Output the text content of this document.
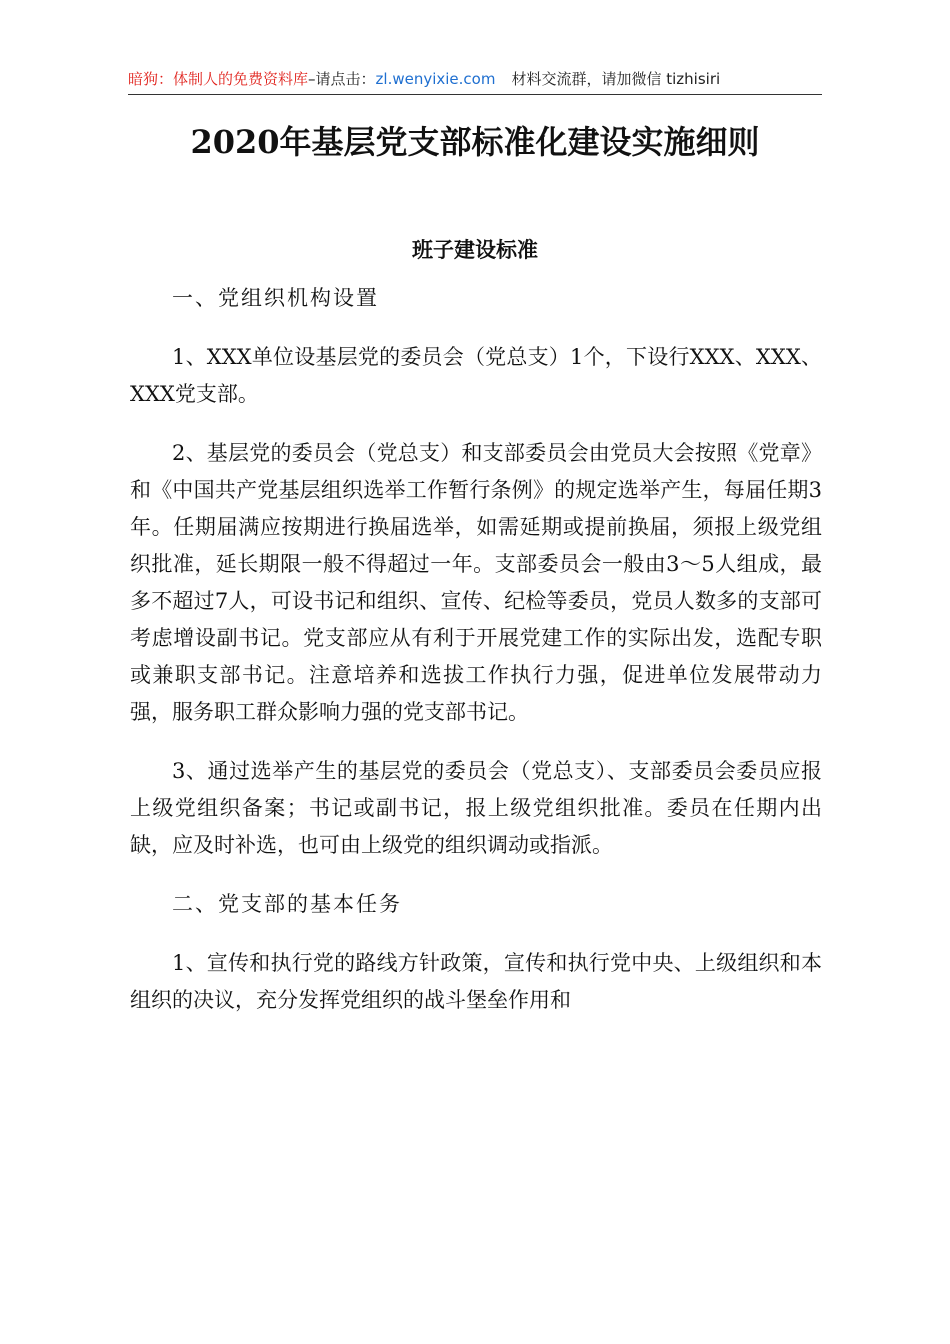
暗狗：体制人的免费资料库–请点击：zl.wenyixie.com 材料交流群，请加微信 tizhisiri
2020年基层党支部标准化建设实施细则
班子建设标准

一、党组织机构设置

1、XXX单位设基层党的委员会（党总支）1个，下设行XXX、XXX、XXX党支部。

2、基层党的委员会（党总支）和支部委员会由党员大会按照《党章》和《中国共产党基层组织选举工作暂行条例》的规定选举产生，每届任期3年。任期届满应按期进行换届选举，如需延期或提前换届，须报上级党组织批准，延长期限一般不得超过一年。支部委员会一般由3～5人组成，最多不超过7人，可设书记和组织、宣传、纪检等委员，党员人数多的支部可考虑增设副书记。党支部应从有利于开展党建工作的实际出发，选配专职或兼职支部书记。注意培养和选拔工作执行力强，促进单位发展带动力强，服务职工群众影响力强的党支部书记。

3、通过选举产生的基层党的委员会（党总支）、支部委员会委员应报上级党组织备案；书记或副书记，报上级党组织批准。委员在任期内出缺，应及时补选，也可由上级党的组织调动或指派。

二、党支部的基本任务

1、宣传和执行党的路线方针政策，宣传和执行党中央、上级组织和本组织的决议，充分发挥党组织的战斗堡垒作用和
